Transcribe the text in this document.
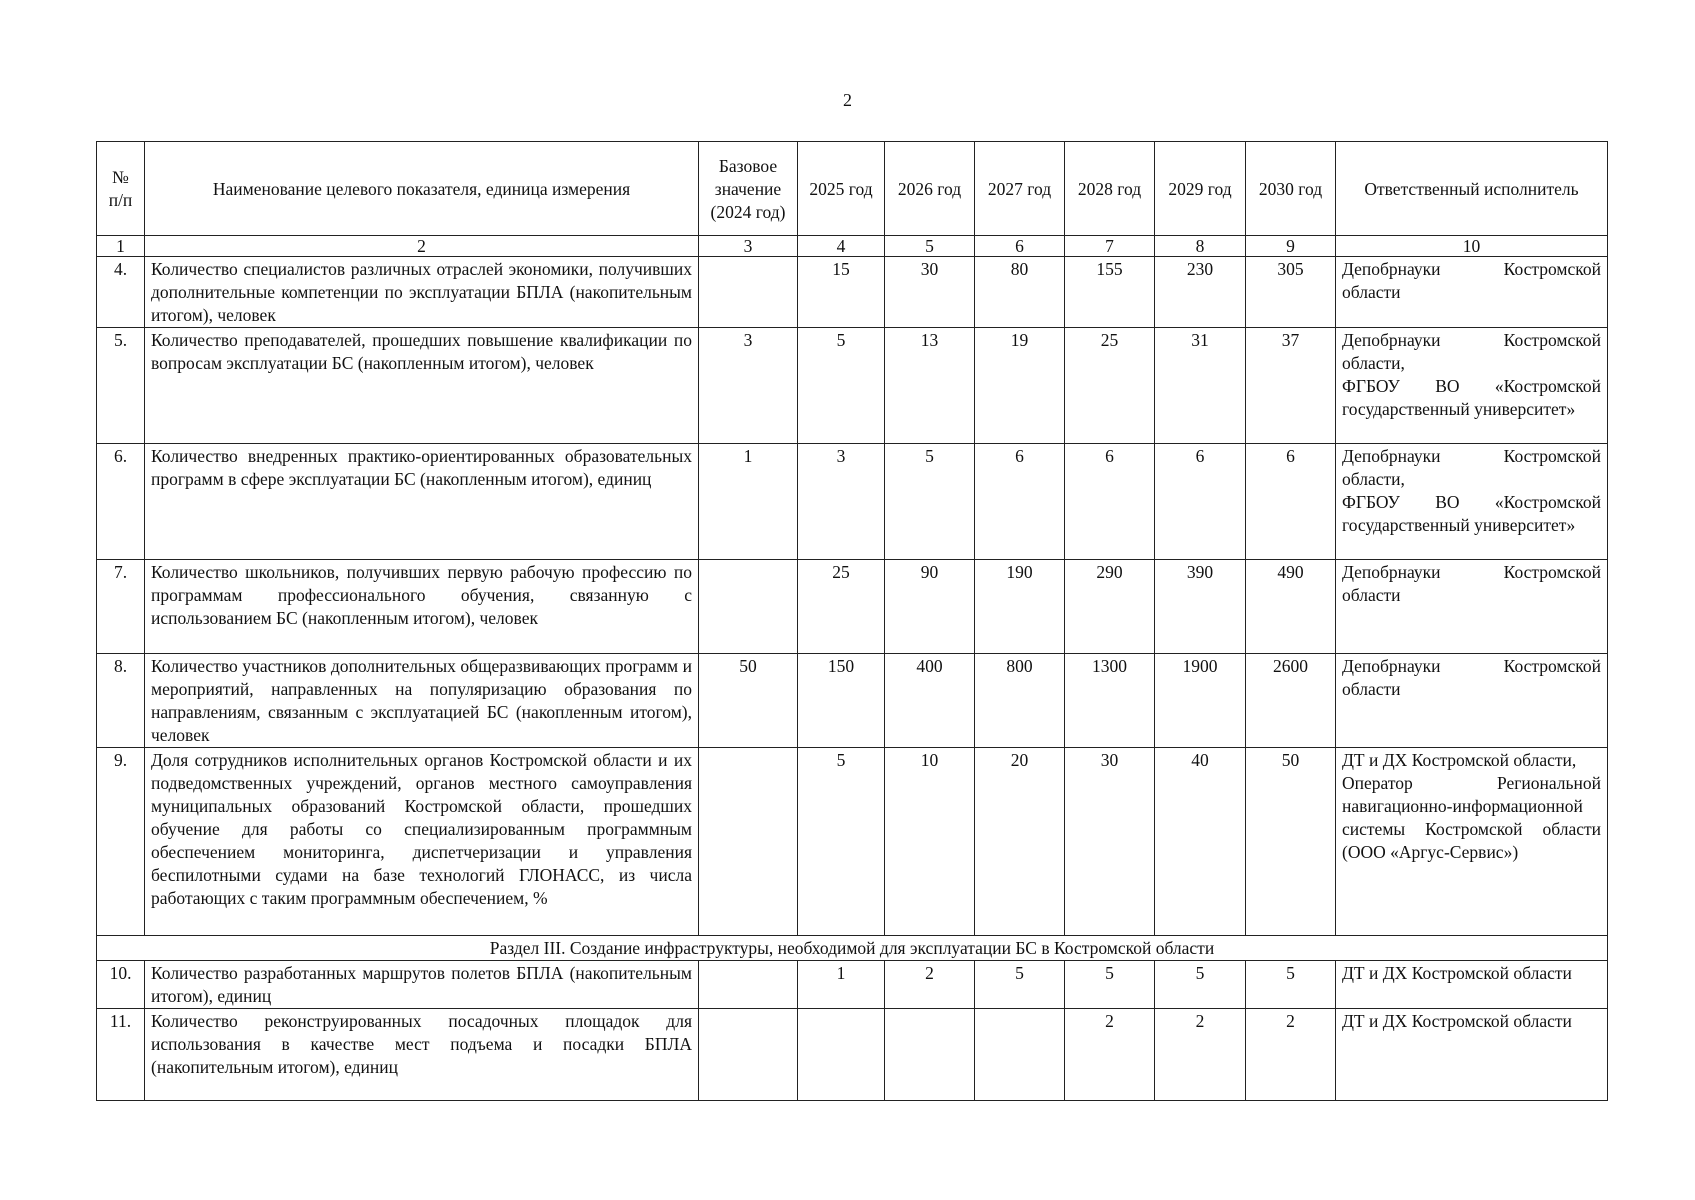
2
№ п/п	Наименование целевого показателя, единица измерения	Базовое значение (2024 год)	2025 год	2026 год	2027 год	2028 год	2029 год	2030 год	Ответственный исполнитель
1	2	3	4	5	6	7	8	9	10
4.	Количество специалистов различных отраслей экономики, получивших дополнительные компетенции по эксплуатации БПЛА (накопительным итогом), человек		15	30	80	155	230	305	Депобрнауки Костромской области

5.	Количество преподавателей, прошедших повышение квалификации по вопросам эксплуатации БС (накопленным итогом), человек	3	5	13	19	25	31	37	Депобрнауки Костромской области,
ФГБОУ ВО «Костромской государственный университет»

6.	Количество внедренных практико-ориентированных образовательных программ в сфере эксплуатации БС (накопленным итогом), единиц	1	3	5	6	6	6	6	Депобрнауки Костромской области,
ФГБОУ ВО «Костромской государственный университет»

7.	Количество школьников, получивших первую рабочую профессию по программам профессионального обучения, связанную с использованием БС (накопленным итогом), человек		25	90	190	290	390	490	Депобрнауки Костромской области

8.	Количество участников дополнительных общеразвивающих программ и мероприятий, направленных на популяризацию образования по направлениям, связанным с эксплуатацией БС (накопленным итогом), человек	50	150	400	800	1300	1900	2600	Депобрнауки Костромской области

9.	Доля сотрудников исполнительных органов Костромской области и их подведомственных учреждений, органов местного самоуправления муниципальных образований Костромской области, прошедших обучение для работы со специализированным программным обеспечением мониторинга, диспетчеризации и управления беспилотными судами на базе технологий ГЛОНАСС, из числа работающих с таким программным обеспечением, %		5	10	20	30	40	50	ДТ и ДХ Костромской области,
Оператор Региональной навигационно-информационной системы Костромской области (ООО «Аргус-Сервис»)

Раздел III. Создание инфраструктуры, необходимой для эксплуатации БС в Костромской области									
10.	Количество разработанных маршрутов полетов БПЛА (накопительным итогом), единиц		1	2	5	5	5	5	ДТ и ДХ Костромской области

11.	Количество реконструированных посадочных площадок для использования в качестве мест подъема и посадки БПЛА (накопительным итогом), единиц					2	2	2	ДТ и ДХ Костромской области
